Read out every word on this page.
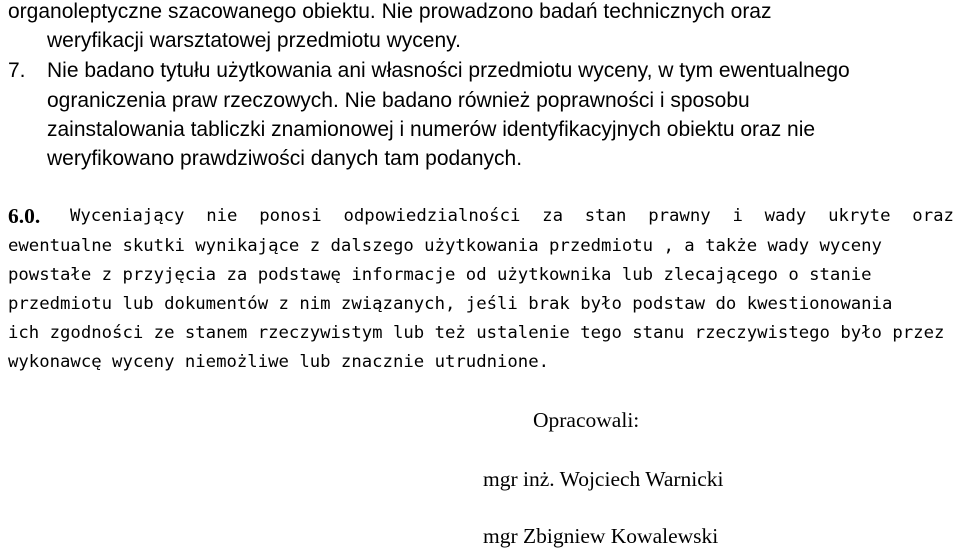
organoleptyczne szacowanego obiektu. Nie prowadzono badań technicznych oraz
weryfikacji warsztatowej przedmiotu wyceny.
7. Nie badano tytułu użytkowania ani własności przedmiotu wyceny, w tym ewentualnego
ograniczenia praw rzeczowych. Nie badano również poprawności i sposobu
zainstalowania tabliczki znamionowej i numerów identyfikacyjnych obiektu oraz nie
weryfikowano prawdziwości danych tam podanych.
6.0. Wyceniający nie ponosi odpowiedzialności za stan prawny i wady ukryte oraz
ewentualne skutki wynikające z dalszego użytkowania przedmiotu , a także wady wyceny
powstałe z przyjęcia za podstawę informacje od użytkownika lub zlecającego o stanie
przedmiotu lub dokumentów z nim związanych, jeśli brak było podstaw do kwestionowania
ich zgodności ze stanem rzeczywistym lub też ustalenie tego stanu rzeczywistego było przez
wykonawcę wyceny niemożliwe lub znacznie utrudnione.
Opracowali:
mgr inż. Wojciech Warnicki
mgr Zbigniew Kowalewski
